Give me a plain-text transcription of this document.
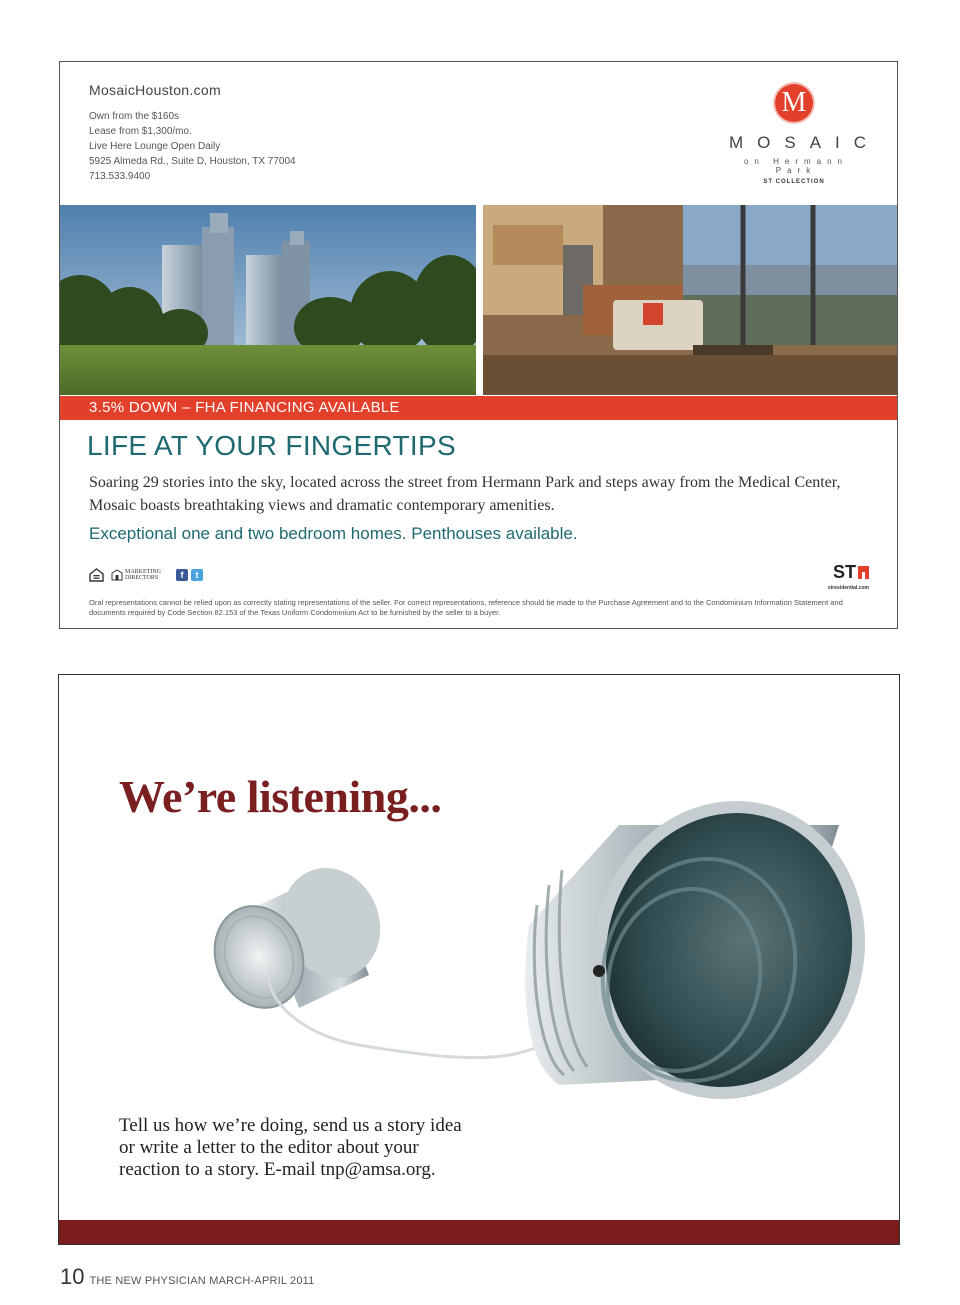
MosaicHouston.com
Own from the $160s
Lease from $1,300/mo.
Live Here Lounge Open Daily
5925 Almeda Rd., Suite D, Houston, TX 77004
713.533.9400
M
MOSAIC
on Hermann Park
ST COLLECTION
3.5% DOWN – FHA FINANCING AVAILABLE
LIFE AT YOUR FINGERTIPS
Soaring 29 stories into the sky, located across the street from Hermann Park and steps away from the Medical Center, Mosaic boasts breathtaking views and dramatic contemporary amenities.
Exceptional one and two bedroom homes. Penthouses available.
MARKETING
DIRECTORS	f	t	ST
stresidential.com
Oral representations cannot be relied upon as correctly stating representations of the seller. For correct representations, reference should be made to the Purchase Agreement and to the Condominium Information Statement and documents required by Code Section 82.153 of the Texas Uniform Condominium Act to be furnished by the seller to a buyer.
We’re listening...
Tell us how we’re doing, send us a story idea
or write a letter to the editor about your
reaction to a story. E-mail tnp@amsa.org.
10 THE NEW PHYSICIAN MARCH-APRIL 2011
